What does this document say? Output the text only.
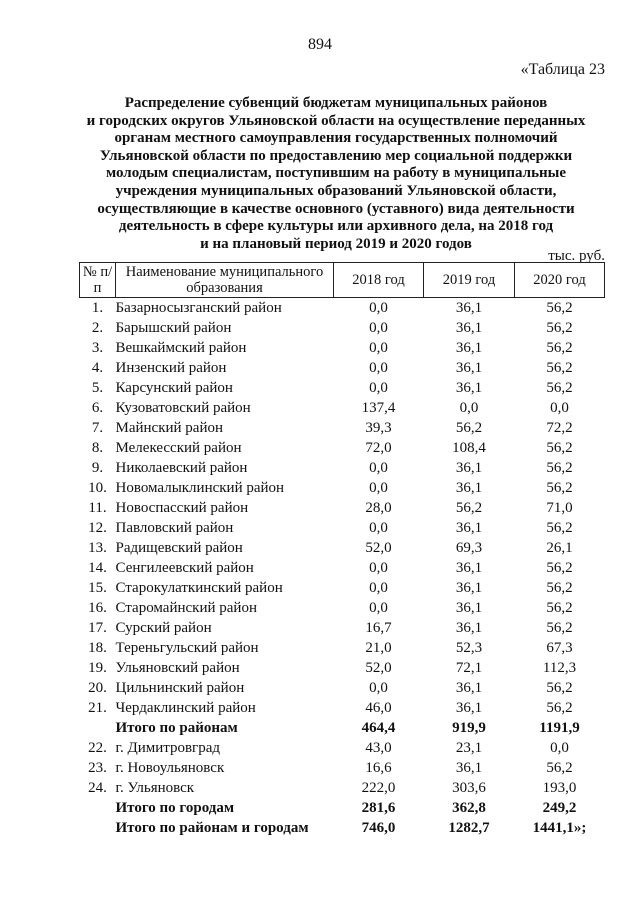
894
«Таблица 23
Распределение субвенций бюджетам муниципальных районов
и городских округов Ульяновской области на осуществление переданных
органам местного самоуправления государственных полномочий
Ульяновской области по предоставлению мер социальной поддержки
молодым специалистам, поступившим на работу в муниципальные
учреждения муниципальных образований Ульяновской области,
осуществляющие в качестве основного (уставного) вида деятельности
деятельность в сфере культуры или архивного дела, на 2018 год
и на плановый период 2019 и 2020 годов
тыс. руб.
№ п/п	Наименование муниципального образования	2018 год	2019 год	2020 год
1.	Базарносызганский район	0,0	36,1	56,2
2.	Барышский район	0,0	36,1	56,2
3.	Вешкаймский район	0,0	36,1	56,2
4.	Инзенский район	0,0	36,1	56,2
5.	Карсунский район	0,0	36,1	56,2
6.	Кузоватовский район	137,4	0,0	0,0
7.	Майнский район	39,3	56,2	72,2
8.	Мелекесский район	72,0	108,4	56,2
9.	Николаевский район	0,0	36,1	56,2
10.	Новомалыклинский район	0,0	36,1	56,2
11.	Новоспасский район	28,0	56,2	71,0
12.	Павловский район	0,0	36,1	56,2
13.	Радищевский район	52,0	69,3	26,1
14.	Сенгилеевский район	0,0	36,1	56,2
15.	Старокулаткинский район	0,0	36,1	56,2
16.	Старомайнский район	0,0	36,1	56,2
17.	Сурский район	16,7	36,1	56,2
18.	Тереньгульский район	21,0	52,3	67,3
19.	Ульяновский район	52,0	72,1	112,3
20.	Цильнинский район	0,0	36,1	56,2
21.	Чердаклинский район	46,0	36,1	56,2
	Итого по районам	464,4	919,9	1191,9
22.	г. Димитровград	43,0	23,1	0,0
23.	г. Новоульяновск	16,6	36,1	56,2
24.	г. Ульяновск	222,0	303,6	193,0
	Итого по городам	281,6	362,8	249,2
	Итого по районам и городам	746,0	1282,7	1441,1»;
